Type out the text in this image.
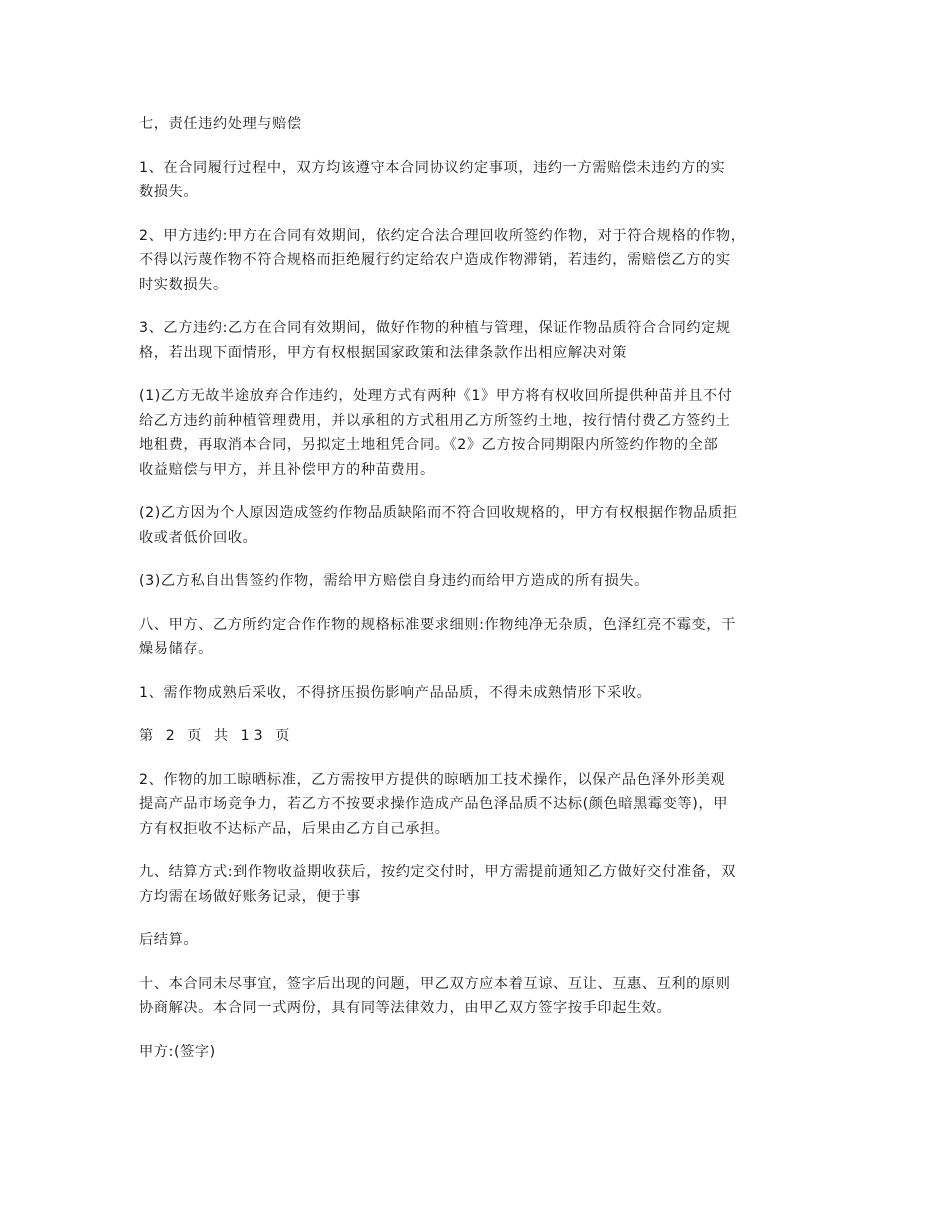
七，责任违约处理与赔偿

1、在合同履行过程中，双方均该遵守本合同协议约定事项，违约一方需赔偿未违约方的实
数损失。

2、甲方违约:甲方在合同有效期间，依约定合法合理回收所签约作物，对于符合规格的作物，
不得以污蔑作物不符合规格而拒绝履行约定给农户造成作物滞销，若违约，需赔偿乙方的实
时实数损失。

3、乙方违约:乙方在合同有效期间，做好作物的种植与管理，保证作物品质符合合同约定规
格，若出现下面情形，甲方有权根据国家政策和法律条款作出相应解决对策

(1)乙方无故半途放弃合作违约，处理方式有两种《1》甲方将有权收回所提供种苗并且不付
给乙方违约前种植管理费用，并以承租的方式租用乙方所签约土地，按行情付费乙方签约土
地租费，再取消本合同，另拟定土地租凭合同。《2》乙方按合同期限内所签约作物的全部
收益赔偿与甲方，并且补偿甲方的种苗费用。

(2)乙方因为个人原因造成签约作物品质缺陷而不符合回收规格的，甲方有权根据作物品质拒
收或者低价回收。

(3)乙方私自出售签约作物，需给甲方赔偿自身违约而给甲方造成的所有损失。

八、甲方、乙方所约定合作作物的规格标准要求细则:作物纯净无杂质，色泽红亮不霉变，干
燥易储存。

1、需作物成熟后采收，不得挤压损伤影响产品品质，不得未成熟情形下采收。

第 2 页 共 13 页

2、作物的加工晾晒标准，乙方需按甲方提供的晾晒加工技术操作，以保产品色泽外形美观
提高产品市场竞争力，若乙方不按要求操作造成产品色泽品质不达标(颜色暗黑霉变等)，甲
方有权拒收不达标产品，后果由乙方自己承担。

九、结算方式:到作物收益期收获后，按约定交付时，甲方需提前通知乙方做好交付准备，双
方均需在场做好账务记录，便于事

后结算。

十、本合同未尽事宜，签字后出现的问题，甲乙双方应本着互谅、互让、互惠、互利的原则
协商解决。本合同一式两份，具有同等法律效力，由甲乙双方签字按手印起生效。

甲方:(签字)
